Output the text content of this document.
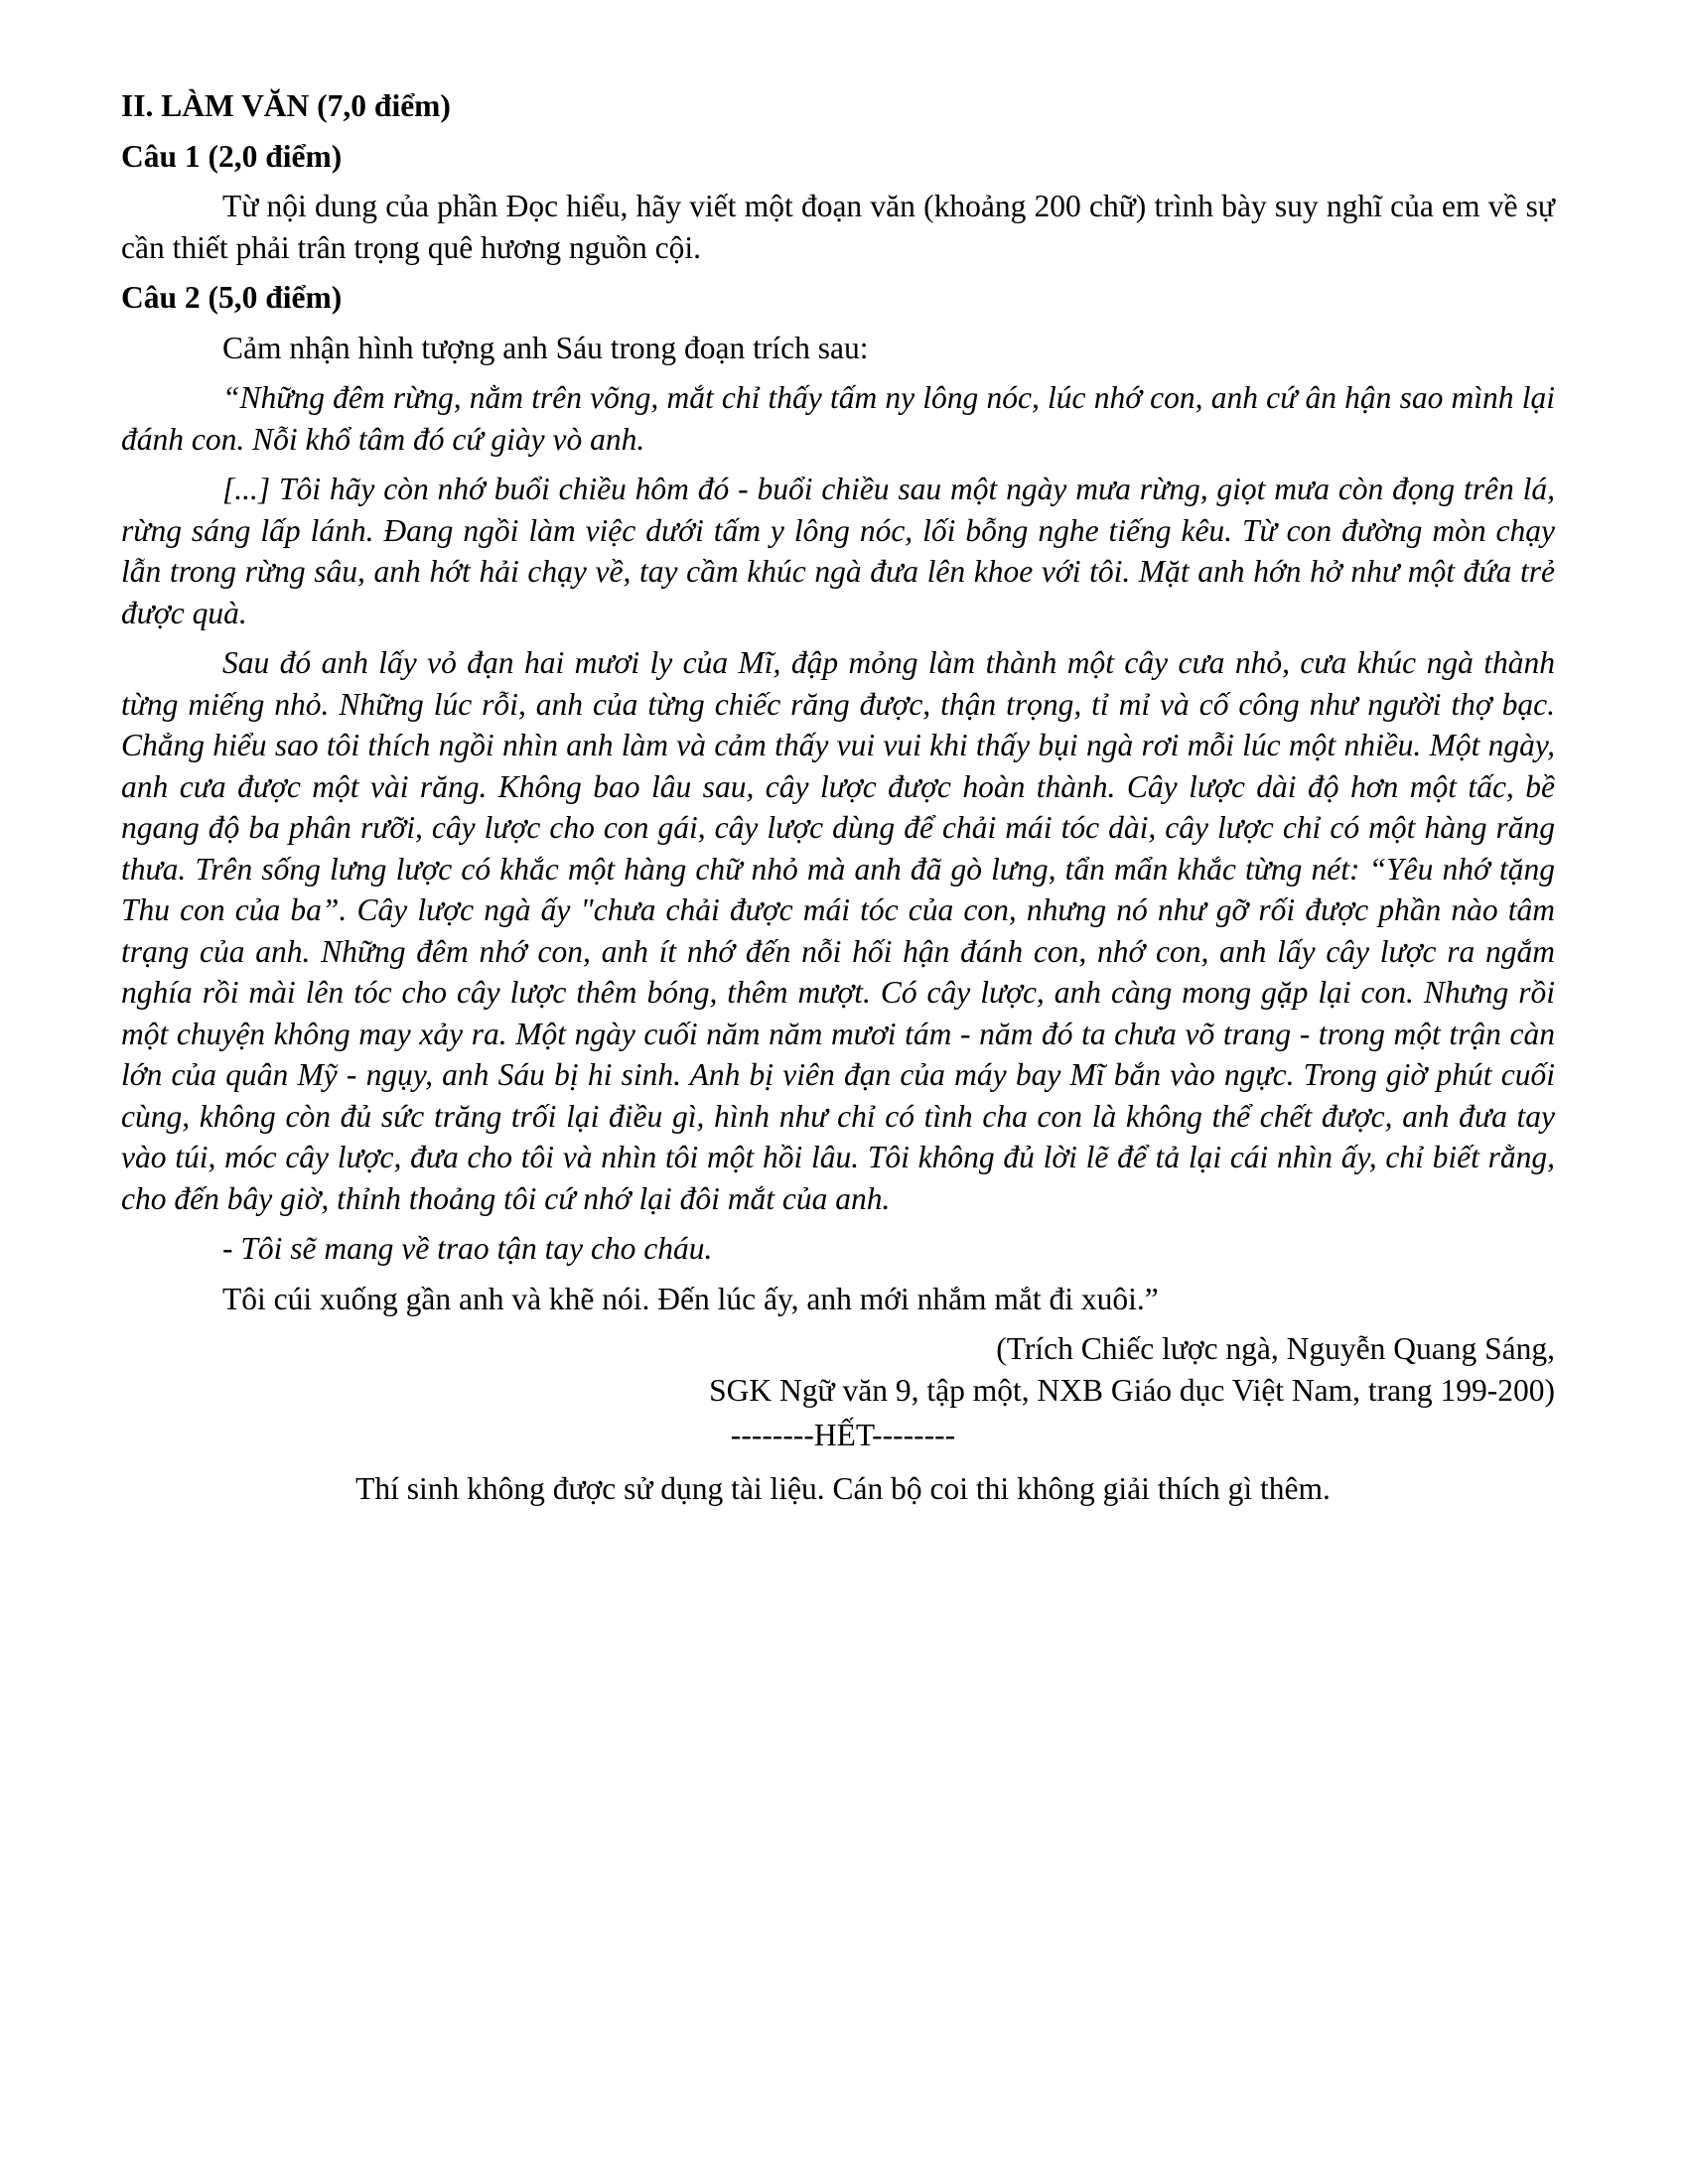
II. LÀM VĂN (7,0 điểm)
Câu 1 (2,0 điểm)
Từ nội dung của phần Đọc hiểu, hãy viết một đoạn văn (khoảng 200 chữ) trình bày suy nghĩ của em về sự cần thiết phải trân trọng quê hương nguồn cội.
Câu 2 (5,0 điểm)
Cảm nhận hình tượng anh Sáu trong đoạn trích sau:
“Những đêm rừng, nằm trên võng, mắt chỉ thấy tấm ny lông nóc, lúc nhớ con, anh cứ ân hận sao mình lại đánh con. Nỗi khổ tâm đó cứ giày vò anh.
[...] Tôi hãy còn nhớ buổi chiều hôm đó - buổi chiều sau một ngày mưa rừng, giọt mưa còn đọng trên lá, rừng sáng lấp lánh. Đang ngồi làm việc dưới tấm y lông nóc, lối bỗng nghe tiếng kêu. Từ con đường mòn chạy lẫn trong rừng sâu, anh hớt hải chạy về, tay cầm khúc ngà đưa lên khoe với tôi. Mặt anh hớn hở như một đứa trẻ được quà.
Sau đó anh lấy vỏ đạn hai mươi ly của Mĩ, đập mỏng làm thành một cây cưa nhỏ, cưa khúc ngà thành từng miếng nhỏ. Những lúc rỗi, anh của từng chiếc răng được, thận trọng, tỉ mỉ và cố công như người thợ bạc. Chẳng hiểu sao tôi thích ngồi nhìn anh làm và cảm thấy vui vui khi thấy bụi ngà rơi mỗi lúc một nhiều. Một ngày, anh cưa được một vài răng. Không bao lâu sau, cây lược được hoàn thành. Cây lược dài độ hơn một tấc, bề ngang độ ba phân rưỡi, cây lược cho con gái, cây lược dùng để chải mái tóc dài, cây lược chỉ có một hàng răng thưa. Trên sống lưng lược có khắc một hàng chữ nhỏ mà anh đã gò lưng, tẩn mẩn khắc từng nét: “Yêu nhớ tặng Thu con của ba”. Cây lược ngà ấy "chưa chải được mái tóc của con, nhưng nó như gỡ rối được phần nào tâm trạng của anh. Những đêm nhớ con, anh ít nhớ đến nỗi hối hận đánh con, nhớ con, anh lấy cây lược ra ngắm nghía rồi mài lên tóc cho cây lược thêm bóng, thêm mượt. Có cây lược, anh càng mong gặp lại con. Nhưng rồi một chuyện không may xảy ra. Một ngày cuối năm năm mươi tám - năm đó ta chưa võ trang - trong một trận càn lớn của quân Mỹ - ngụy, anh Sáu bị hi sinh. Anh bị viên đạn của máy bay Mĩ bắn vào ngực. Trong giờ phút cuối cùng, không còn đủ sức trăng trối lại điều gì, hình như chỉ có tình cha con là không thể chết được, anh đưa tay vào túi, móc cây lược, đưa cho tôi và nhìn tôi một hồi lâu. Tôi không đủ lời lẽ để tả lại cái nhìn ấy, chỉ biết rằng, cho đến bây giờ, thỉnh thoảng tôi cứ nhớ lại đôi mắt của anh.
- Tôi sẽ mang về trao tận tay cho cháu.
Tôi cúi xuống gần anh và khẽ nói. Đến lúc ấy, anh mới nhắm mắt đi xuôi.”
(Trích Chiếc lược ngà, Nguyễn Quang Sáng,
SGK Ngữ văn 9, tập một, NXB Giáo dục Việt Nam, trang 199-200)
--------HẾT--------
Thí sinh không được sử dụng tài liệu. Cán bộ coi thi không giải thích gì thêm.
